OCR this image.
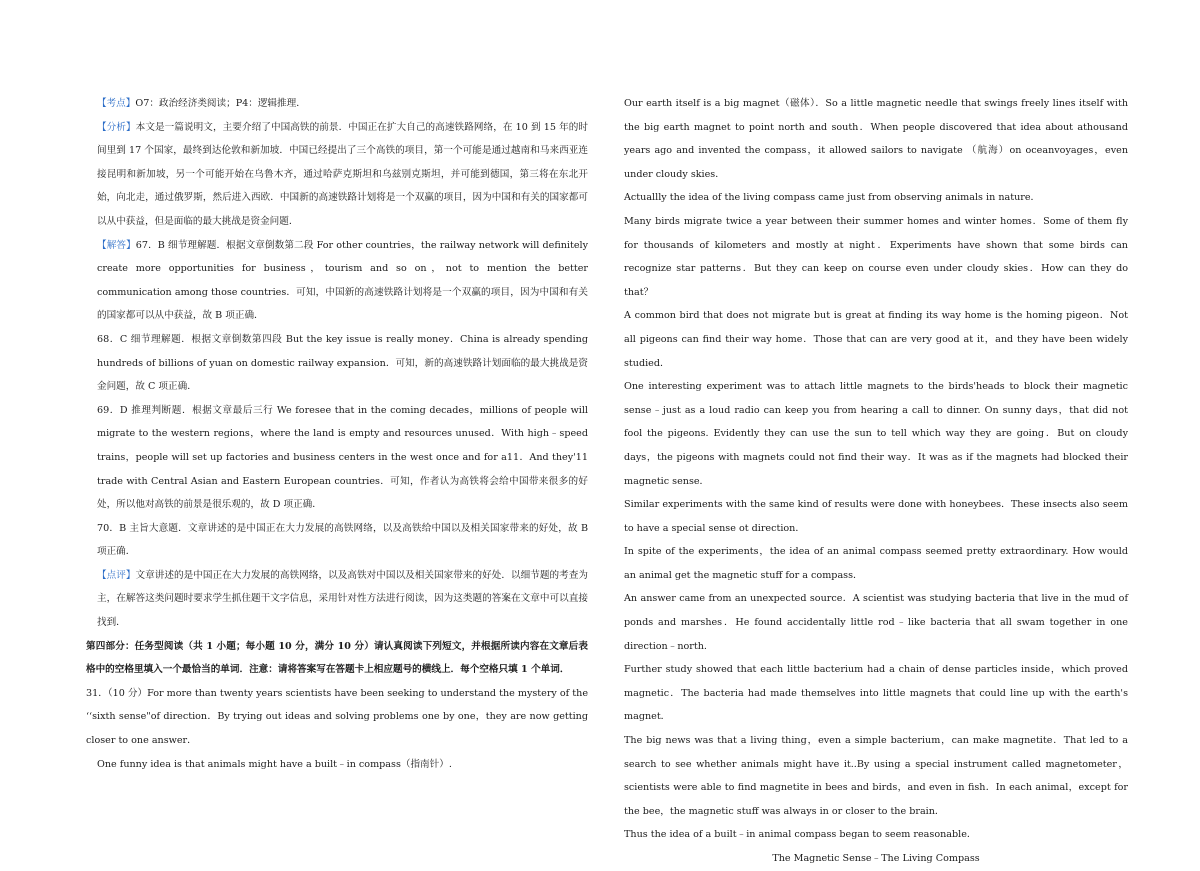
【考点】O7：政治经济类阅读；P4：逻辑推理．

【分析】本文是一篇说明文，主要介绍了中国高铁的前景．中国正在扩大自己的高速铁路网络，在 10 到 15 年的时间里到 17 个国家，最终到达伦敦和新加坡．中国已经提出了三个高铁的项目，第一个可能是通过越南和马来西亚连接昆明和新加坡，另一个可能开始在乌鲁木齐，通过哈萨克斯坦和乌兹别克斯坦，并可能到德国，第三将在东北开始，向北走，通过俄罗斯，然后进入西欧．中国新的高速铁路计划将是一个双赢的项目，因为中国和有关的国家都可以从中获益，但是面临的最大挑战是资金问题．

【解答】67．B 细节理解题．根据文章倒数第二段 For other countries，the railway network will definitely create more opportunities for business，tourism and so on，not to mention the better communication among those countries．可知，中国新的高速铁路计划将是一个双赢的项目，因为中国和有关的国家都可以从中获益，故 B 项正确．

68．C 细节理解题．根据文章倒数第四段 But the key issue is really money．China is already spending hundreds of billions of yuan on domestic railway expansion．可知，新的高速铁路计划面临的最大挑战是资金问题，故 C 项正确．

69．D 推理判断题．根据文章最后三行 We foresee that in the coming decades，millions of people will migrate to the western regions，where the land is empty and resources unused．With high﹣speed trains，people will set up factories and business centers in the west once and for a11．And they'11 trade with Central Asian and Eastern European countries．可知，作者认为高铁将会给中国带来很多的好处，所以他对高铁的前景是很乐观的，故 D 项正确．

70．B 主旨大意题．文章讲述的是中国正在大力发展的高铁网络，以及高铁给中国以及相关国家带来的好处，故 B 项正确．

【点评】文章讲述的是中国正在大力发展的高铁网络，以及高铁对中国以及相关国家带来的好处．以细节题的考查为主，在解答这类问题时要求学生抓住题干文字信息，采用针对性方法进行阅读，因为这类题的答案在文章中可以直接找到．

第四部分：任务型阅读（共 1 小题；每小题 10 分，满分 10 分）请认真阅读下列短文，并根据所读内容在文章后表格中的空格里填入一个最恰当的单词．注意：请将答案写在答题卡上相应题号的横线上．每个空格只填 1 个单词．

31．（10 分）For more than twenty years scientists have been seeking to understand the mystery of the ‘‘sixth sense"of direction．By trying out ideas and solving problems one by one，they are now getting closer to one answer．

One funny idea is that animals might have a built﹣in compass（指南针）.

Our earth itself is a big magnet（磁体）．So a little magnetic needle that swings freely lines itself with the big earth magnet to point north and south．When people discovered that idea about athousand years ago and invented the compass，it allowed sailors to navigate （航海）on oceanvoyages，even under cloudy skies．

Actuallly the idea of the living compass came just from observing animals in nature．

Many birds migrate twice a year between their summer homes and winter homes．Some of them fly for thousands of kilometers and mostly at night．Experiments have shown that some birds can recognize star patterns．But they can keep on course even under cloudy skies．How can they do that？

A common bird that does not migrate but is great at finding its way home is the homing pigeon．Not all pigeons can find their way home．Those that can are very good at it，and they have been widely studied．

One interesting experiment was to attach little magnets to the birds'heads to block their magnetic sense﹣just as a loud radio can keep you from hearing a call to dinner. On sunny days，that did not fool the pigeons. Evidently they can use the sun to tell which way they are going．But on cloudy days，the pigeons with magnets could not find their way．It was as if the magnets had blocked their magnetic sense．

Similar experiments with the same kind of results were done with honeybees．These insects also seem to have a special sense ot direction．

In spite of the experiments，the idea of an animal compass seemed pretty extraordinary. How would an animal get the magnetic stuff for a compass．

An answer came from an unexpected source．A scientist was studying bacteria that live in the mud of ponds and marshes．He found accidentally little rod﹣like bacteria that all swam together in one direction﹣north.

Further study showed that each little bacterium had a chain of dense particles inside，which proved magnetic．The bacteria had made themselves into little magnets that could line up with the earth's magnet．

The big news was that a living thing，even a simple bacterium，can make magnetite．That led to a search to see whether animals might have it..By using a special instrument called magnetometer，scientists were able to find magnetite in bees and birds，and even in fish．In each animal，except for the bee，the magnetic stuff was always in or closer to the brain．

Thus the idea of a built﹣in animal compass began to seem reasonable．

The Magnetic Sense﹣The Living Compass
